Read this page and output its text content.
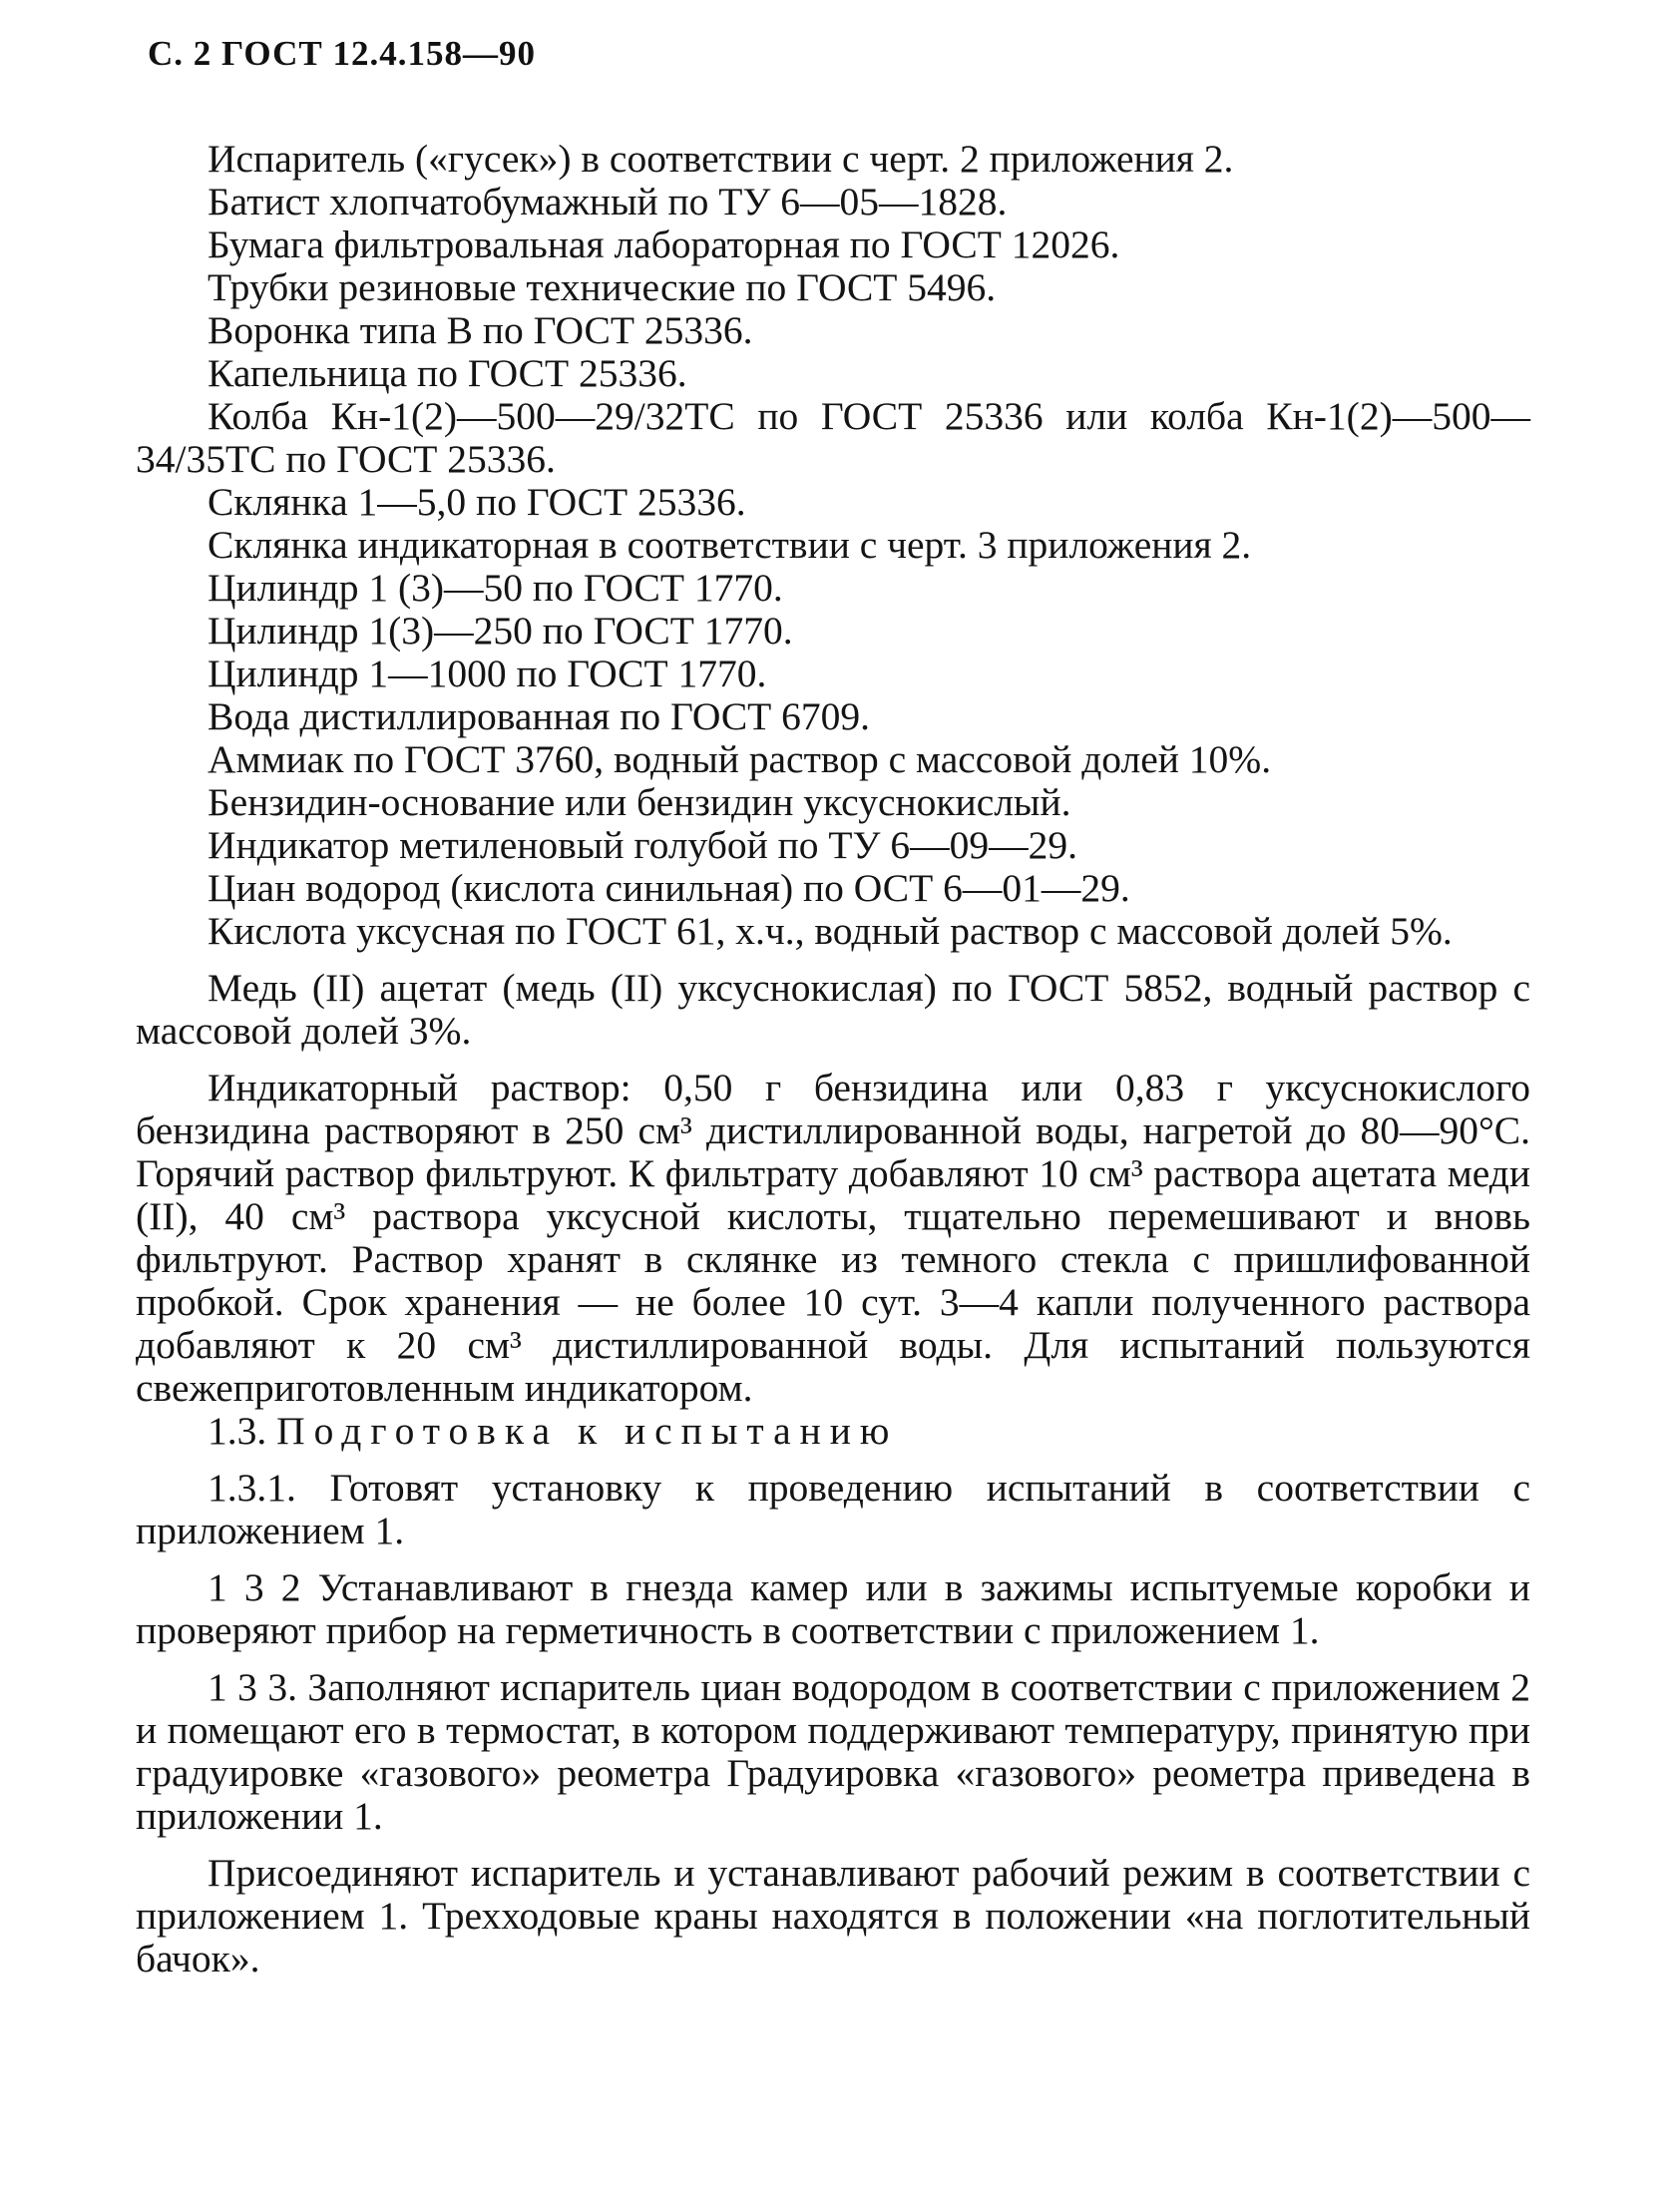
С. 2 ГОСТ 12.4.158—90
Испаритель («гусек») в соответствии с черт. 2 приложения 2.
Батист хлопчатобумажный по ТУ 6—05—1828.
Бумага фильтровальная лабораторная по ГОСТ 12026.
Трубки резиновые технические по ГОСТ 5496.
Воронка типа В по ГОСТ 25336.
Капельница по ГОСТ 25336.

Колба Кн-1(2)—500—29/32ТС по ГОСТ 25336 или колба Кн-1(2)—500—34/35ТС по ГОСТ 25336.

Склянка 1—5,0 по ГОСТ 25336.
Склянка индикаторная в соответствии с черт. 3 приложения 2.
Цилиндр 1 (3)—50 по ГОСТ 1770.
Цилиндр 1(3)—250 по ГОСТ 1770.
Цилиндр 1—1000 по ГОСТ 1770.
Вода дистиллированная по ГОСТ 6709.
Аммиак по ГОСТ 3760, водный раствор с массовой долей 10%.
Бензидин-основание или бензидин уксуснокислый.
Индикатор метиленовый голубой по ТУ 6—09—29.
Циан водород (кислота синильная) по ОСТ 6—01—29.

Кислота уксусная по ГОСТ 61, х.ч., водный раствор с массовой долей 5%.

Медь (II) ацетат (медь (II) уксуснокислая) по ГОСТ 5852, водный раствор с массовой долей 3%.

Индикаторный раствор: 0,50 г бензидина или 0,83 г уксуснокислого бензидина растворяют в 250 см³ дистиллированной воды, нагретой до 80—90°С. Горячий раствор фильтруют. К фильтрату добавляют 10 см³ раствора ацетата меди (II), 40 см³ раствора уксусной кислоты, тщательно перемешивают и вновь фильтруют. Раствор хранят в склянке из темного стекла с пришлифованной пробкой. Срок хранения — не более 10 сут. 3—4 капли полученного раствора добавляют к 20 см³ дистиллированной воды. Для испытаний пользуются свежеприготовленным индикатором.

1.3. Подготовка к испытанию

1.3.1. Готовят установку к проведению испытаний в соответствии с приложением 1.

1 3 2 Устанавливают в гнезда камер или в зажимы испытуемые коробки и проверяют прибор на герметичность в соответствии с приложением 1.

1 3 3. Заполняют испаритель циан водородом в соответствии с приложением 2 и помещают его в термостат, в котором поддерживают температуру, принятую при градуировке «газового» реометра Градуировка «газового» реометра приведена в приложении 1.

Присоединяют испаритель и устанавливают рабочий режим в соответствии с приложением 1. Трехходовые краны находятся в положении «на поглотительный бачок».
